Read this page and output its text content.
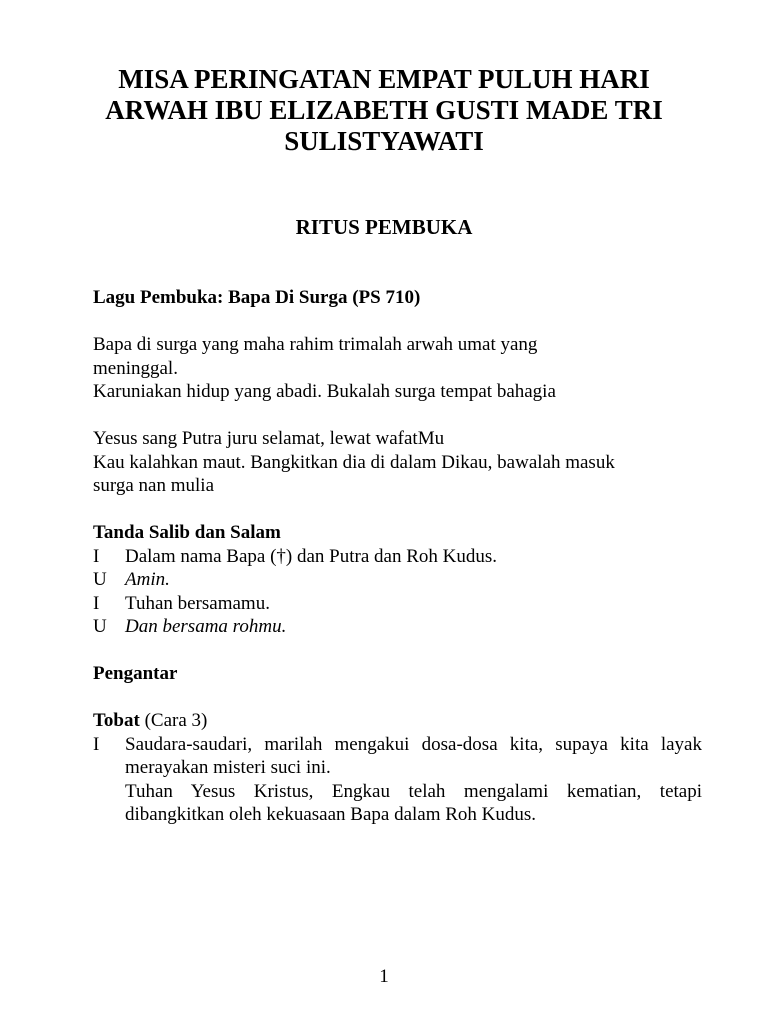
MISA PERINGATAN EMPAT PULUH HARI
ARWAH IBU ELIZABETH GUSTI MADE TRI
SULISTYAWATI
RITUS PEMBUKA

Lagu Pembuka: Bapa Di Surga (PS 710)

Bapa di surga yang maha rahim trimalah arwah umat yang

meninggal.

Karuniakan hidup yang abadi. Bukalah surga tempat bahagia

Yesus sang Putra juru selamat, lewat wafatMu

Kau kalahkan maut. Bangkitkan dia di dalam Dikau, bawalah masuk

surga nan mulia

Tanda Salib dan Salam

I	Dalam nama Bapa (†) dan Putra dan Roh Kudus.
U Amin.
I	Tuhan bersamamu.
U Dan bersama rohmu.

Pengantar

Tobat (Cara 3)

I	Saudara-saudari, marilah mengakui dosa-dosa kita, supaya kita layak merayakan misteri suci ini.

Tuhan Yesus Kristus, Engkau telah mengalami kematian, tetapi dibangkitkan oleh kekuasaan Bapa dalam Roh Kudus.

1
